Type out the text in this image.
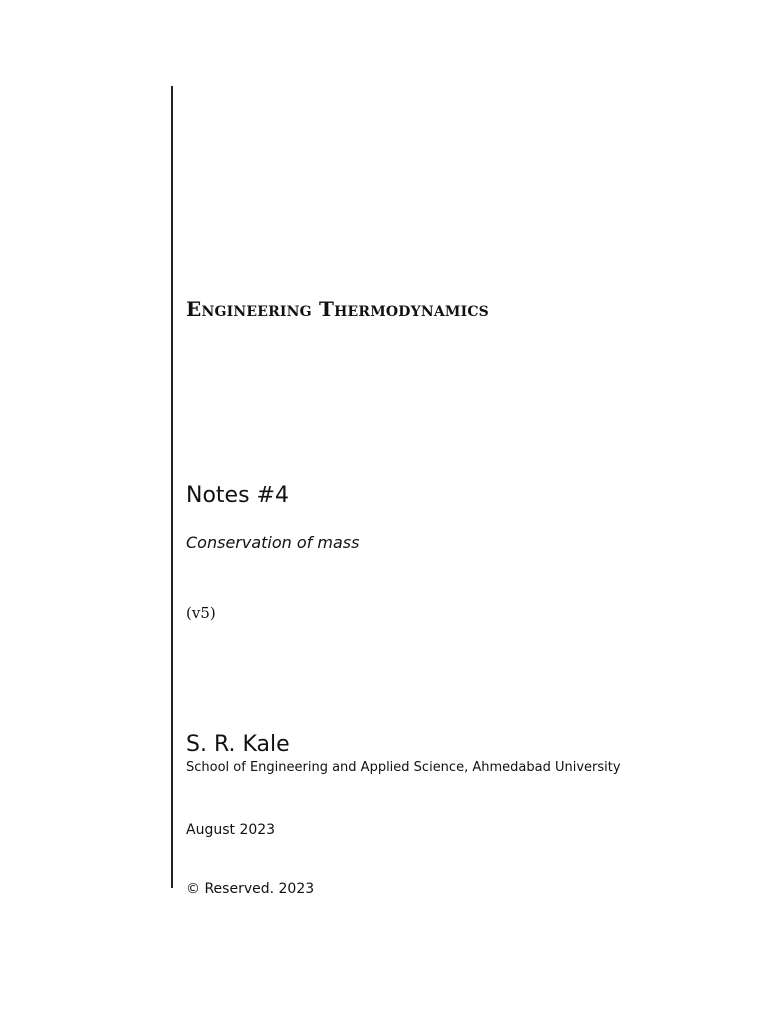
Engineering Thermodynamics
Notes #4
Conservation of mass
(v5)
S. R. Kale
School of Engineering and Applied Science, Ahmedabad University
August 2023
© Reserved. 2023
